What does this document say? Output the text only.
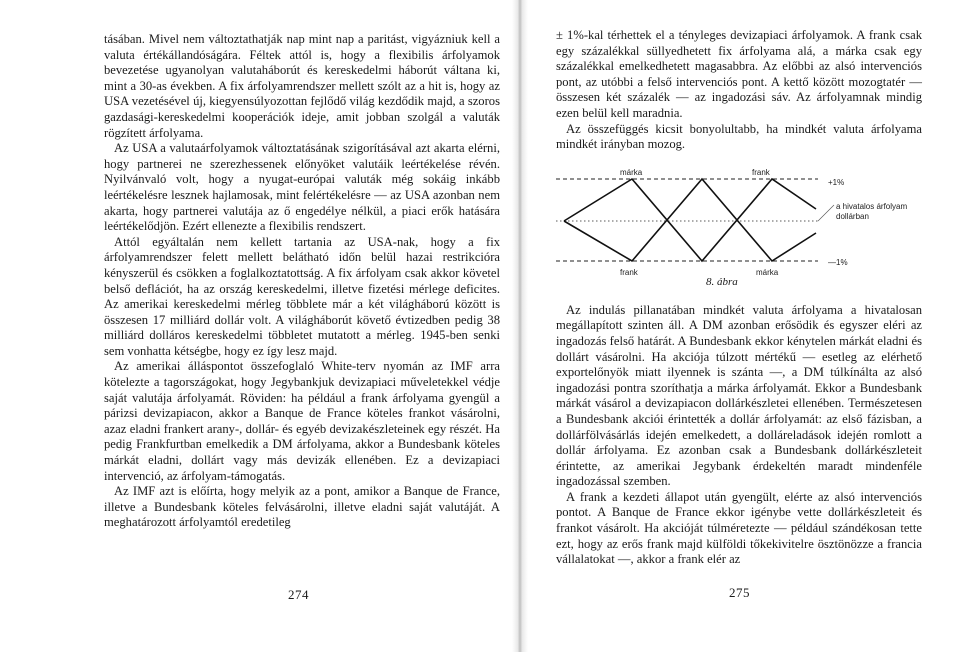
tásában. Mivel nem változtathatják nap mint nap a paritást, vigyázniuk kell a valuta értékállandóságára. Féltek attól is, hogy a flexibilis árfolyamok bevezetése ugyanolyan valutaháborút és kereskedelmi háborút váltana ki, mint a 30-as években. A fix árfolyamrendszer mellett szólt az a hit is, hogy az USA vezetésével új, kiegyensúlyozottan fejlődő világ kezdődik majd, a szoros gazdasági-kereskedelmi kooperációk ideje, amit jobban szolgál a valuták rögzített árfolyama.

Az USA a valutaárfolyamok változtatásának szigorításával azt akarta elérni, hogy partnerei ne szerezhessenek előnyöket valutáik leértékelése révén. Nyilvánvaló volt, hogy a nyugat-európai valuták még sokáig inkább leértékelésre lesznek hajlamosak, mint felértékelésre — az USA azonban nem akarta, hogy partnerei valutája az ő engedélye nélkül, a piaci erők hatására leértékelődjön. Ezért ellenezte a flexibilis rendszert.

Attól egyáltalán nem kellett tartania az USA-nak, hogy a fix árfolyamrendszer felett mellett belátható időn belül hazai restrikcióra kényszerül és csökken a foglalkoztatottság. A fix árfolyam csak akkor követel belső deflációt, ha az ország kereskedelmi, illetve fizetési mérlege deficites. Az amerikai kereskedelmi mérleg többlete már a két világháború között is összesen 17 milliárd dollár volt. A világháborút követő évtizedben pedig 38 milliárd dolláros kereskedelmi többletet mutatott a mérleg. 1945-ben senki sem vonhatta kétségbe, hogy ez így lesz majd.

Az amerikai álláspontot összefoglaló White-terv nyomán az IMF arra kötelezte a tagországokat, hogy Jegybankjuk devizapiaci műveletekkel védje saját valutája árfolyamát. Röviden: ha például a frank árfolyama gyengül a párizsi devizapiacon, akkor a Banque de France köteles frankot vásárolni, azaz eladni frankert arany-, dollár- és egyéb devizakészleteinek egy részét. Ha pedig Frankfurtban emelkedik a DM árfolyama, akkor a Bundesbank köteles márkát eladni, dollárt vagy más devizák ellenében. Ez a devizapiaci intervenció, az árfolyam-támogatás.

Az IMF azt is előírta, hogy melyik az a pont, amikor a Banque de France, illetve a Bundesbank köteles felvásárolni, illetve eladni saját valutáját. A meghatározott árfolyamtól eredetileg

274

± 1%-kal térhettek el a tényleges devizapiaci árfolyamok. A frank csak egy százalékkal süllyedhetett fix árfolyama alá, a márka csak egy százalékkal emelkedhetett magasabbra. Az előbbi az alsó intervenciós pont, az utóbbi a felső intervenciós pont. A kettő között mozogtatér — összesen két százalék — az ingadozási sáv. Az árfolyamnak mindig ezen belül kell maradnia.

Az összefüggés kicsit bonyolultabb, ha mindkét valuta árfolyama mindkét irányban mozog.

márka	frank
frank	márka
+1%
—1%
a hivatalos árfolyam
dollárban
8. ábra

Az indulás pillanatában mindkét valuta árfolyama a hivatalosan megállapított szinten áll. A DM azonban erősödik és egyszer eléri az ingadozás felső határát. A Bundesbank ekkor kénytelen márkát eladni és dollárt vásárolni. Ha akciója túlzott mértékű — esetleg az elérhető exportelőnyök miatt ilyennek is szánta —, a DM túlkínálta az alsó ingadozási pontra szoríthatja a márka árfolyamát. Ekkor a Bundesbank márkát vásárol a devizapiacon dollárkészletei ellenében. Természetesen a Bundesbank akciói érintették a dollár árfolyamát: az első fázisban, a dollárfölvásárlás idején emelkedett, a dolláreladások idején romlott a dollár árfolyama. Ez azonban csak a Bundesbank dollárkészleteit érintette, az amerikai Jegybank érdekeltén maradt mindenféle ingadozással szemben.

A frank a kezdeti állapot után gyengült, elérte az alsó intervenciós pontot. A Banque de France ekkor igénybe vette dollárkészleteit és frankot vásárolt. Ha akcióját túlméretezte — például szándékosan tette ezt, hogy az erős frank majd külföldi tőkekivitelre ösztönözze a francia vállalatokat —, akkor a frank elér az

275
